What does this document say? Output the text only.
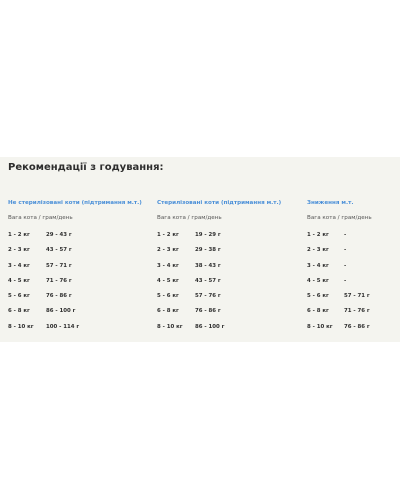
Рекомендації з годування:
Не стерилізовані коти (підтримання м.т.)
Вага кота / грам/день
1 - 2 кг	29 - 43 г
2 - 3 кг	43 - 57 г
3 - 4 кг	57 - 71 г
4 - 5 кг	71 - 76 г
5 - 6 кг	76 - 86 г
6 - 8 кг	86 - 100 г
8 - 10 кг 100 - 114 г
Стерилізовані коти (підтримання м.т.)
Вага кота / грам/день
1 - 2 кг	19 - 29 г
2 - 3 кг	29 - 38 г
3 - 4 кг	38 - 43 г
4 - 5 кг	43 - 57 г
5 - 6 кг	57 - 76 г
6 - 8 кг	76 - 86 г
8 - 10 кг 86 - 100 г
Зниження м.т.
Вага кота / грам/день
1 - 2 кг	-
2 - 3 кг	-
3 - 4 кг	-
4 - 5 кг	-
5 - 6 кг	57 - 71 г
6 - 8 кг	71 - 76 г
8 - 10 кг 76 - 86 г
